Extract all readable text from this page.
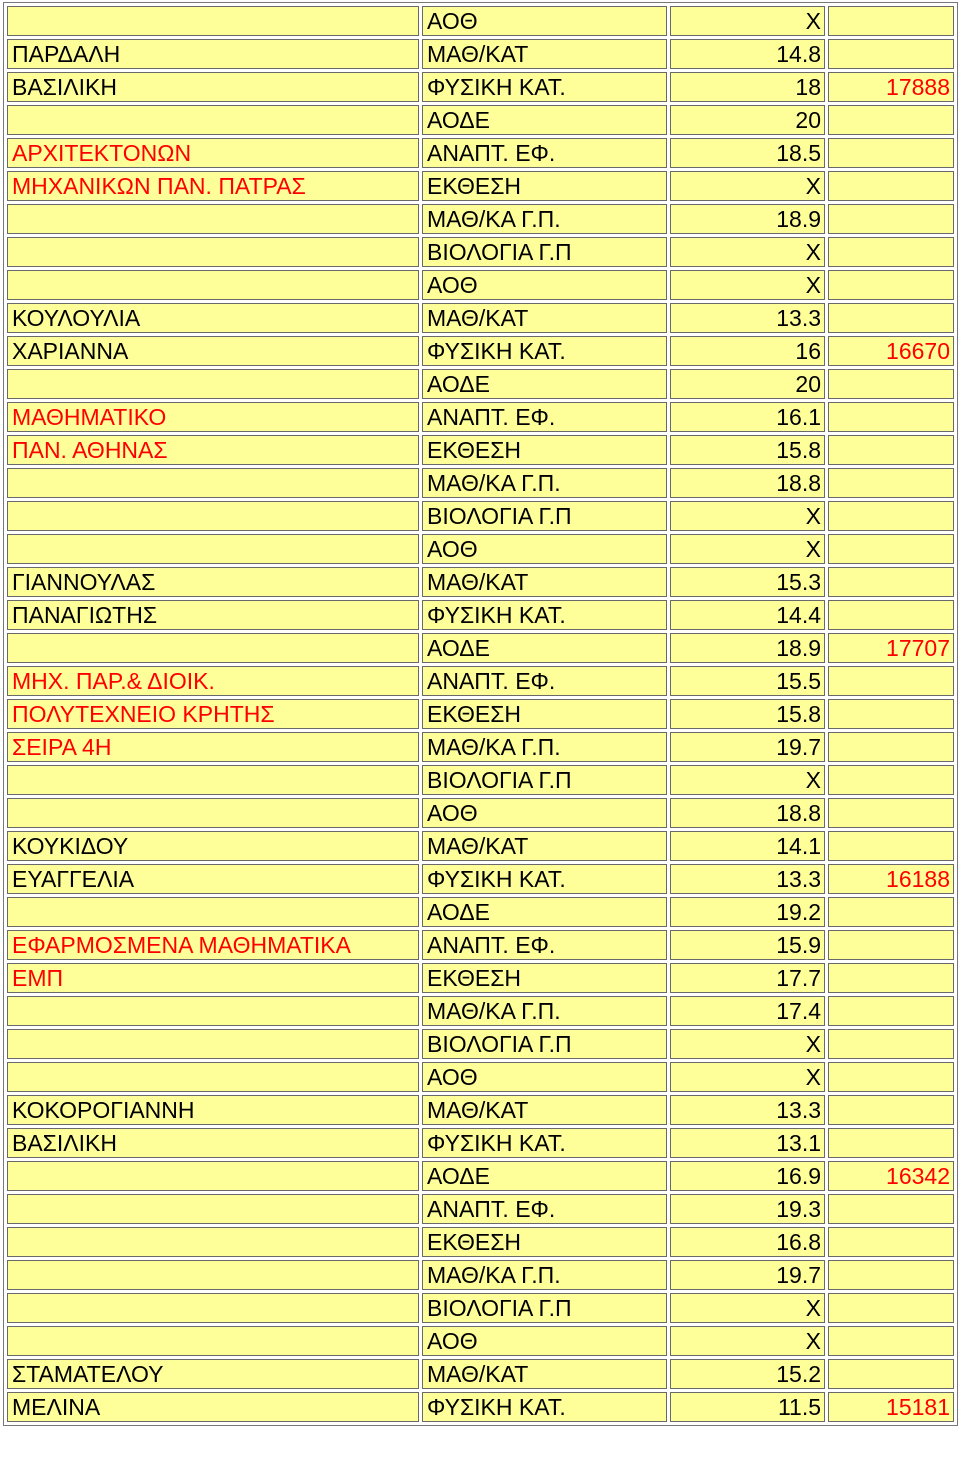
	ΑΟΘ	Χ	
ΠΑΡΔΑΛΗ	ΜΑΘ/ΚΑΤ	14.8	
ΒΑΣΙΛΙΚΗ	ΦΥΣΙΚΗ ΚΑΤ.	18	17888
	ΑΟΔΕ	20	
ΑΡΧΙΤΕΚΤΟΝΩΝ	ΑΝΑΠΤ. ΕΦ.	18.5	
ΜΗΧΑΝΙΚΩΝ ΠΑΝ. ΠΑΤΡΑΣ	ΕΚΘΕΣΗ	Χ	
	ΜΑΘ/ΚΑ Γ.Π.	18.9	
	ΒΙΟΛΟΓΙΑ Γ.Π	Χ	
	ΑΟΘ	Χ	
ΚΟΥΛΟΥΛΙΑ	ΜΑΘ/ΚΑΤ	13.3	
ΧΑΡΙΑΝΝΑ	ΦΥΣΙΚΗ ΚΑΤ.	16	16670
	ΑΟΔΕ	20	
ΜΑΘΗΜΑΤΙΚΟ	ΑΝΑΠΤ. ΕΦ.	16.1	
ΠΑΝ. ΑΘΗΝΑΣ	ΕΚΘΕΣΗ	15.8	
	ΜΑΘ/ΚΑ Γ.Π.	18.8	
	ΒΙΟΛΟΓΙΑ Γ.Π	Χ	
	ΑΟΘ	Χ	
ΓΙΑΝΝΟΥΛΑΣ	ΜΑΘ/ΚΑΤ	15.3	
ΠΑΝΑΓΙΩΤΗΣ	ΦΥΣΙΚΗ ΚΑΤ.	14.4	
	ΑΟΔΕ	18.9	17707
ΜΗΧ. ΠΑΡ.& ΔΙΟΙΚ.	ΑΝΑΠΤ. ΕΦ.	15.5	
ΠΟΛΥΤΕΧΝΕΙΟ ΚΡΗΤΗΣ	ΕΚΘΕΣΗ	15.8	
ΣΕΙΡΑ 4Η	ΜΑΘ/ΚΑ Γ.Π.	19.7	
	ΒΙΟΛΟΓΙΑ Γ.Π	Χ	
	ΑΟΘ	18.8	
ΚΟΥΚΙΔΟΥ	ΜΑΘ/ΚΑΤ	14.1	
ΕΥΑΓΓΕΛΙΑ	ΦΥΣΙΚΗ ΚΑΤ.	13.3	16188
	ΑΟΔΕ	19.2	
ΕΦΑΡΜΟΣΜΕΝΑ ΜΑΘΗΜΑΤΙΚΑ	ΑΝΑΠΤ. ΕΦ.	15.9	
ΕΜΠ	ΕΚΘΕΣΗ	17.7	
	ΜΑΘ/ΚΑ Γ.Π.	17.4	
	ΒΙΟΛΟΓΙΑ Γ.Π	Χ	
	ΑΟΘ	Χ	
ΚΟΚΟΡΟΓΙΑΝΝΗ	ΜΑΘ/ΚΑΤ	13.3	
ΒΑΣΙΛΙΚΗ	ΦΥΣΙΚΗ ΚΑΤ.	13.1	
	ΑΟΔΕ	16.9	16342
	ΑΝΑΠΤ. ΕΦ.	19.3	
	ΕΚΘΕΣΗ	16.8	
	ΜΑΘ/ΚΑ Γ.Π.	19.7	
	ΒΙΟΛΟΓΙΑ Γ.Π	Χ	
	ΑΟΘ	Χ	
ΣΤΑΜΑΤΕΛΟΥ	ΜΑΘ/ΚΑΤ	15.2	
ΜΕΛΙΝΑ	ΦΥΣΙΚΗ ΚΑΤ.	11.5	15181
